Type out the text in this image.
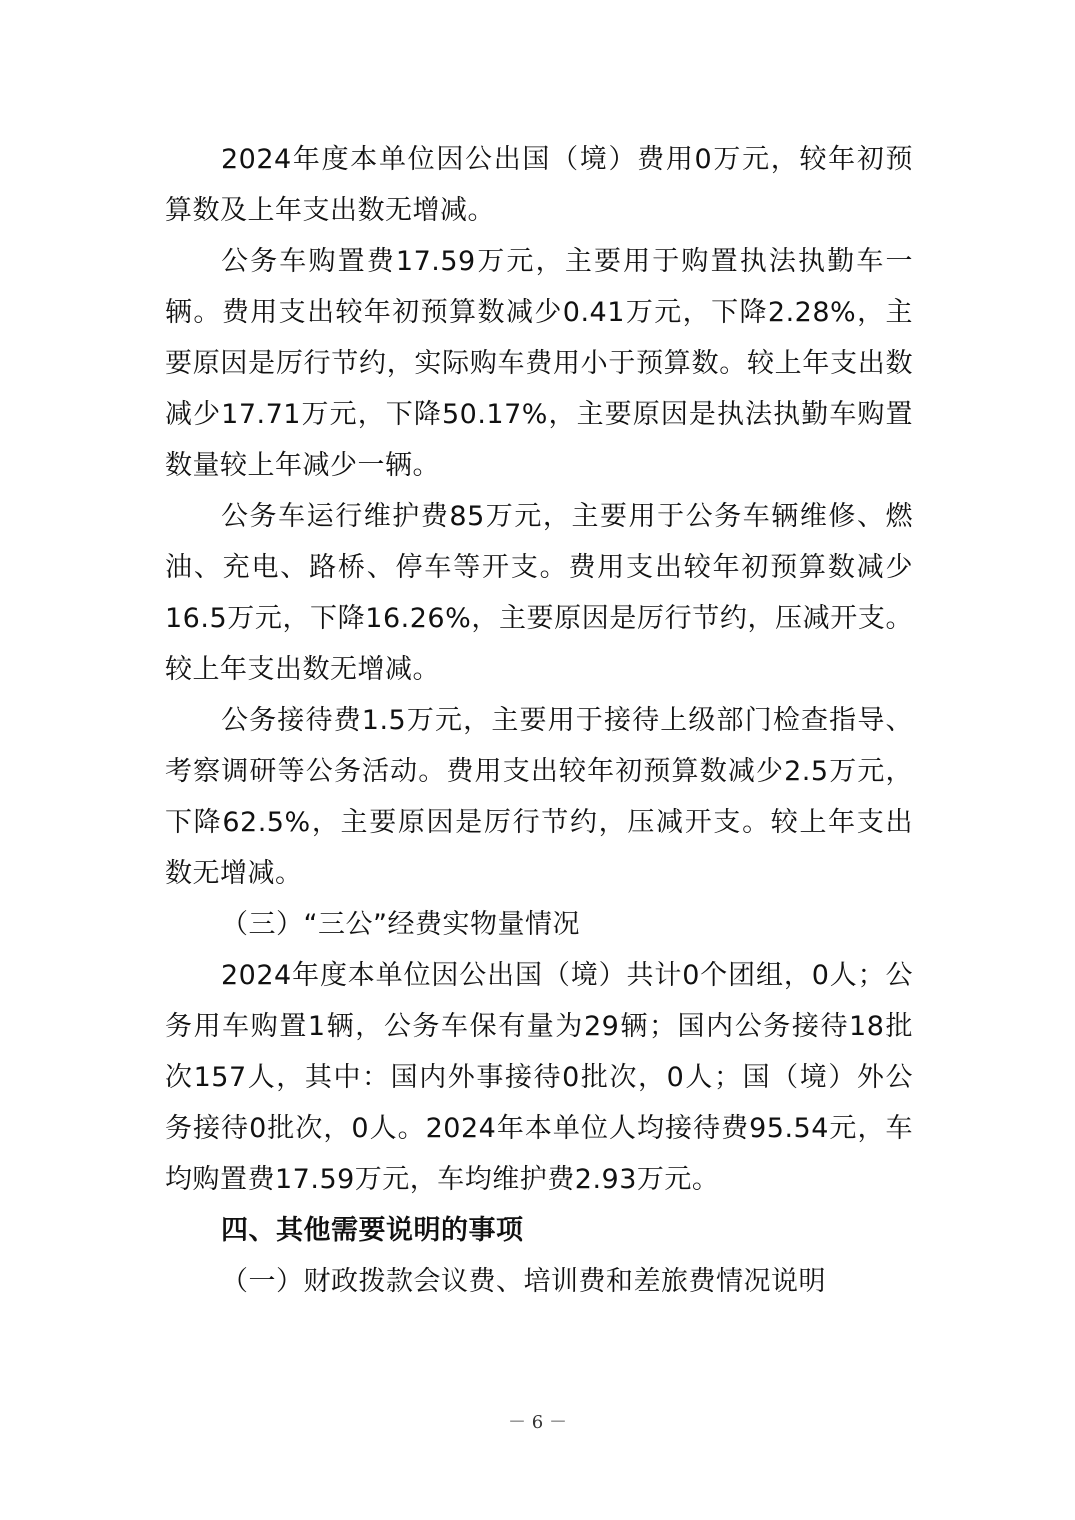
2024年度本单位因公出国（境）费用0万元，较年初预算数及上年支出数无增减。

公务车购置费17.59万元，主要用于购置执法执勤车一辆。费用支出较年初预算数减少0.41万元，下降2.28%，主要原因是厉行节约，实际购车费用小于预算数。较上年支出数减少17.71万元，下降50.17%，主要原因是执法执勤车购置数量较上年减少一辆。

公务车运行维护费85万元，主要用于公务车辆维修、燃油、充电、路桥、停车等开支。费用支出较年初预算数减少16.5万元，下降16.26%，主要原因是厉行节约，压减开支。较上年支出数无增减。

公务接待费1.5万元，主要用于接待上级部门检查指导、考察调研等公务活动。费用支出较年初预算数减少2.5万元，下降62.5%，主要原因是厉行节约，压减开支。较上年支出数无增减。

（三）“三公”经费实物量情况

2024年度本单位因公出国（境）共计0个团组，0人；公务用车购置1辆，公务车保有量为29辆；国内公务接待18批次157人，其中：国内外事接待0批次，0人；国（境）外公务接待0批次，0人。2024年本单位人均接待费95.54元，车均购置费17.59万元，车均维护费2.93万元。

四、其他需要说明的事项

（一）财政拨款会议费、培训费和差旅费情况说明

－ 6 －
